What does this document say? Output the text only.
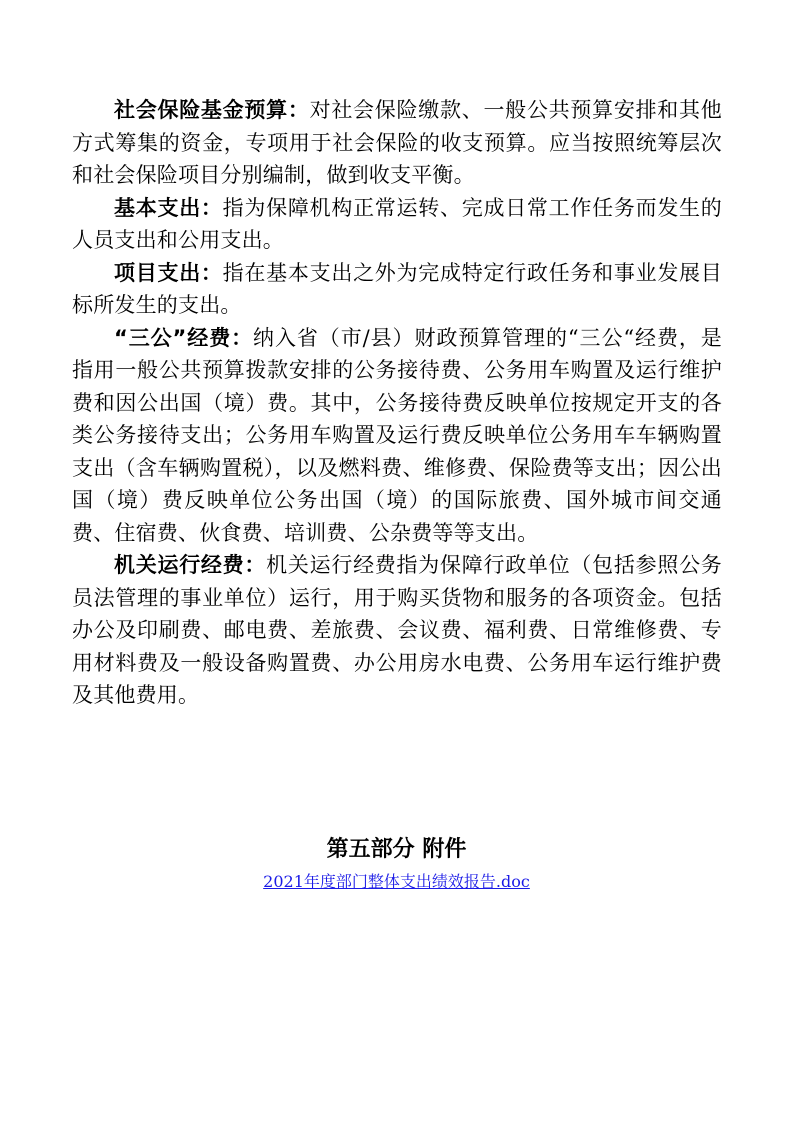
社会保险基金预算：对社会保险缴款、一般公共预算安排和其他方式筹集的资金，专项用于社会保险的收支预算。应当按照统筹层次和社会保险项目分别编制，做到收支平衡。

基本支出：指为保障机构正常运转、完成日常工作任务而发生的人员支出和公用支出。

项目支出：指在基本支出之外为完成特定行政任务和事业发展目标所发生的支出。

“三公”经费：纳入省（市/县）财政预算管理的“三公“经费，是指用一般公共预算拨款安排的公务接待费、公务用车购置及运行维护费和因公出国（境）费。其中，公务接待费反映单位按规定开支的各类公务接待支出；公务用车购置及运行费反映单位公务用车车辆购置支出（含车辆购置税），以及燃料费、维修费、保险费等支出；因公出国（境）费反映单位公务出国（境）的国际旅费、国外城市间交通费、住宿费、伙食费、培训费、公杂费等等支出。

机关运行经费：机关运行经费指为保障行政单位（包括参照公务员法管理的事业单位）运行，用于购买货物和服务的各项资金。包括办公及印刷费、邮电费、差旅费、会议费、福利费、日常维修费、专用材料费及一般设备购置费、办公用房水电费、公务用车运行维护费及其他费用。

第五部分 附件

2021年度部门整体支出绩效报告.doc
